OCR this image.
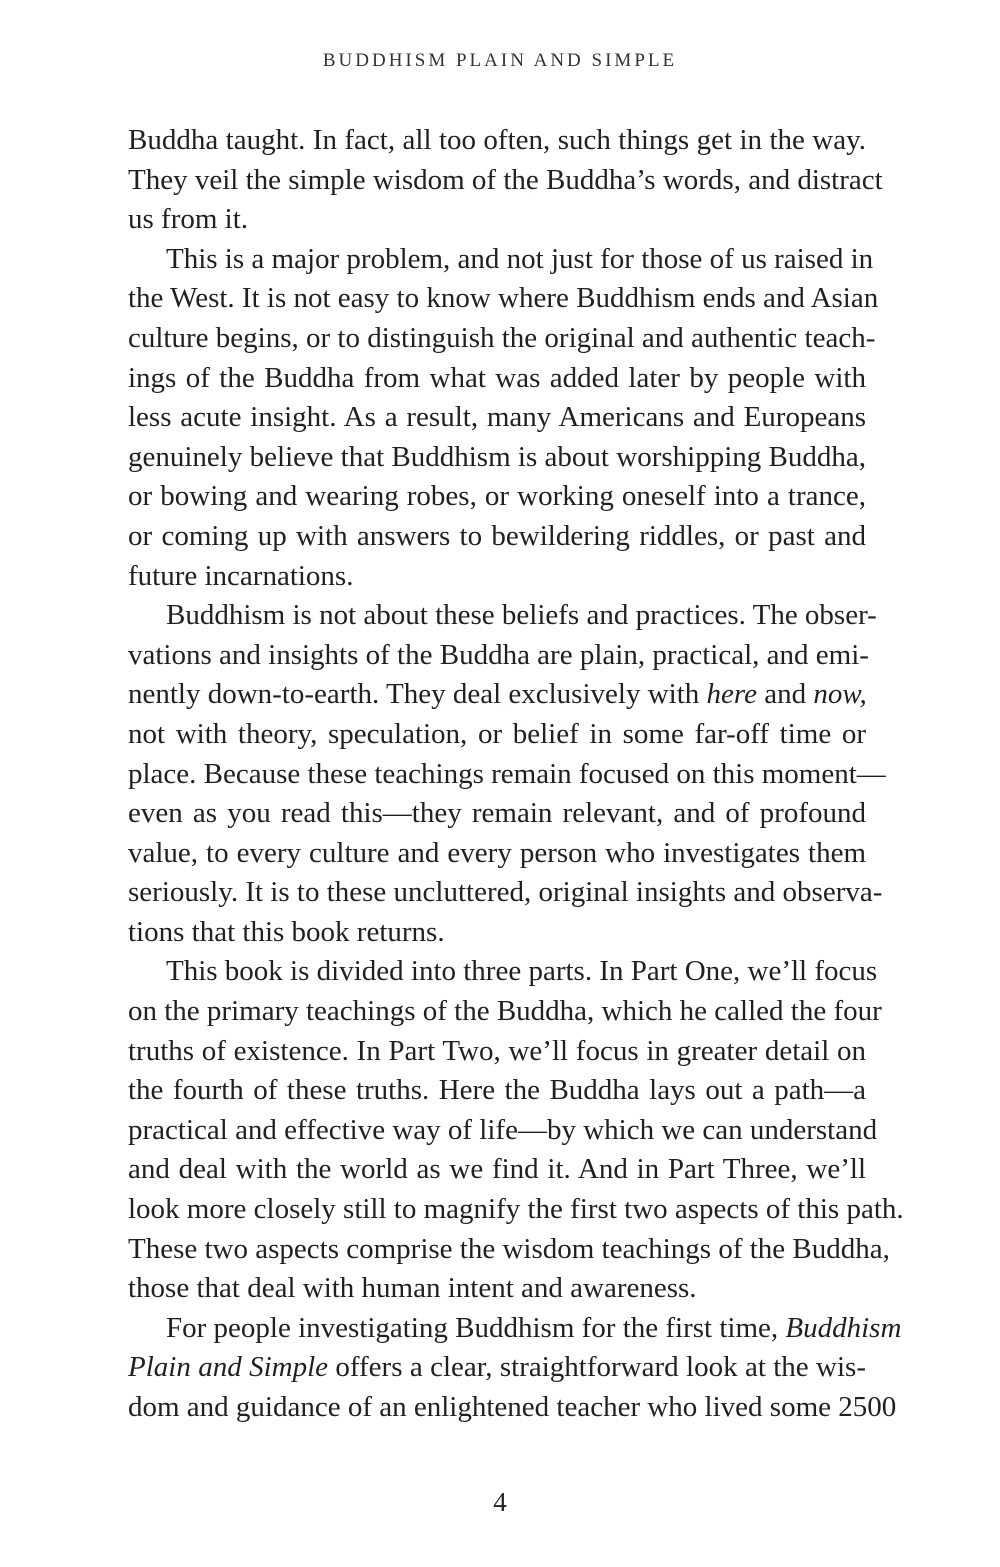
BUDDHISM PLAIN AND SIMPLE

Buddha taught. In fact, all too often, such things get in the way.
They veil the simple wisdom of the Buddha’s words, and distract
us from it.

This is a major problem, and not just for those of us raised in
the West. It is not easy to know where Buddhism ends and Asian
culture begins, or to distinguish the original and authentic teach-
ings of the Buddha from what was added later by people with
less acute insight. As a result, many Americans and Europeans
genuinely believe that Buddhism is about worshipping Buddha,
or bowing and wearing robes, or working oneself into a trance,
or coming up with answers to bewildering riddles, or past and
future incarnations.

Buddhism is not about these beliefs and practices. The obser-
vations and insights of the Buddha are plain, practical, and emi-
nently down-to-earth. They deal exclusively with here and now,
not with theory, speculation, or belief in some far-off time or
place. Because these teachings remain focused on this moment—
even as you read this—they remain relevant, and of profound
value, to every culture and every person who investigates them
seriously. It is to these uncluttered, original insights and observa-
tions that this book returns.

This book is divided into three parts. In Part One, we’ll focus
on the primary teachings of the Buddha, which he called the four
truths of existence. In Part Two, we’ll focus in greater detail on
the fourth of these truths. Here the Buddha lays out a path—a
practical and effective way of life—by which we can understand
and deal with the world as we find it. And in Part Three, we’ll
look more closely still to magnify the first two aspects of this path.
These two aspects comprise the wisdom teachings of the Buddha,
those that deal with human intent and awareness.

For people investigating Buddhism for the first time, Buddhism
Plain and Simple offers a clear, straightforward look at the wis-
dom and guidance of an enlightened teacher who lived some 2500

4
